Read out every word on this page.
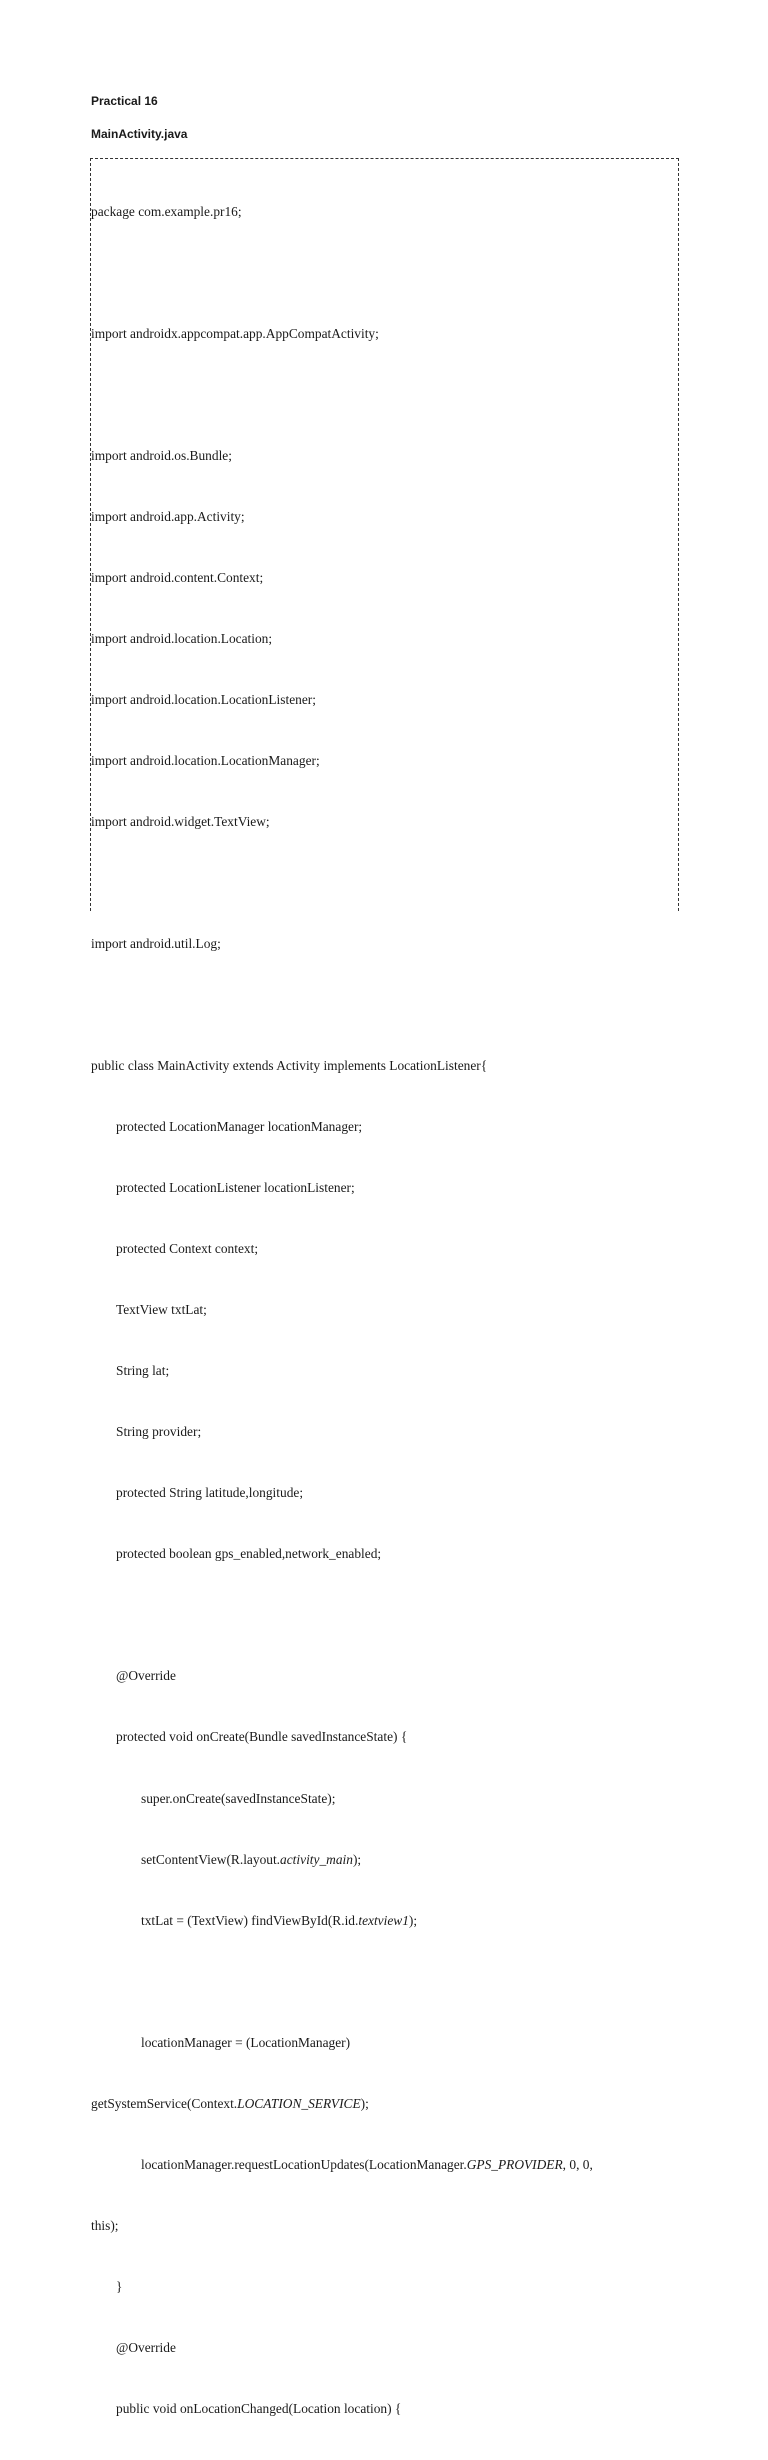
Practical 16
MainActivity.java

package com.example.pr16;

import androidx.appcompat.app.AppCompatActivity;

import android.os.Bundle;

import android.app.Activity;

import android.content.Context;

import android.location.Location;

import android.location.LocationListener;

import android.location.LocationManager;

import android.widget.TextView;

import android.util.Log;

public class MainActivity extends Activity implements LocationListener{

protected LocationManager locationManager;

protected LocationListener locationListener;

protected Context context;

TextView txtLat;

String lat;

String provider;

protected String latitude,longitude;

protected boolean gps_enabled,network_enabled;

@Override

protected void onCreate(Bundle savedInstanceState) {

super.onCreate(savedInstanceState);

setContentView(R.layout.activity_main);

txtLat = (TextView) findViewById(R.id.textview1);

locationManager = (LocationManager)

getSystemService(Context.LOCATION_SERVICE);

locationManager.requestLocationUpdates(LocationManager.GPS_PROVIDER, 0, 0,

this);

}

@Override

public void onLocationChanged(Location location) {
